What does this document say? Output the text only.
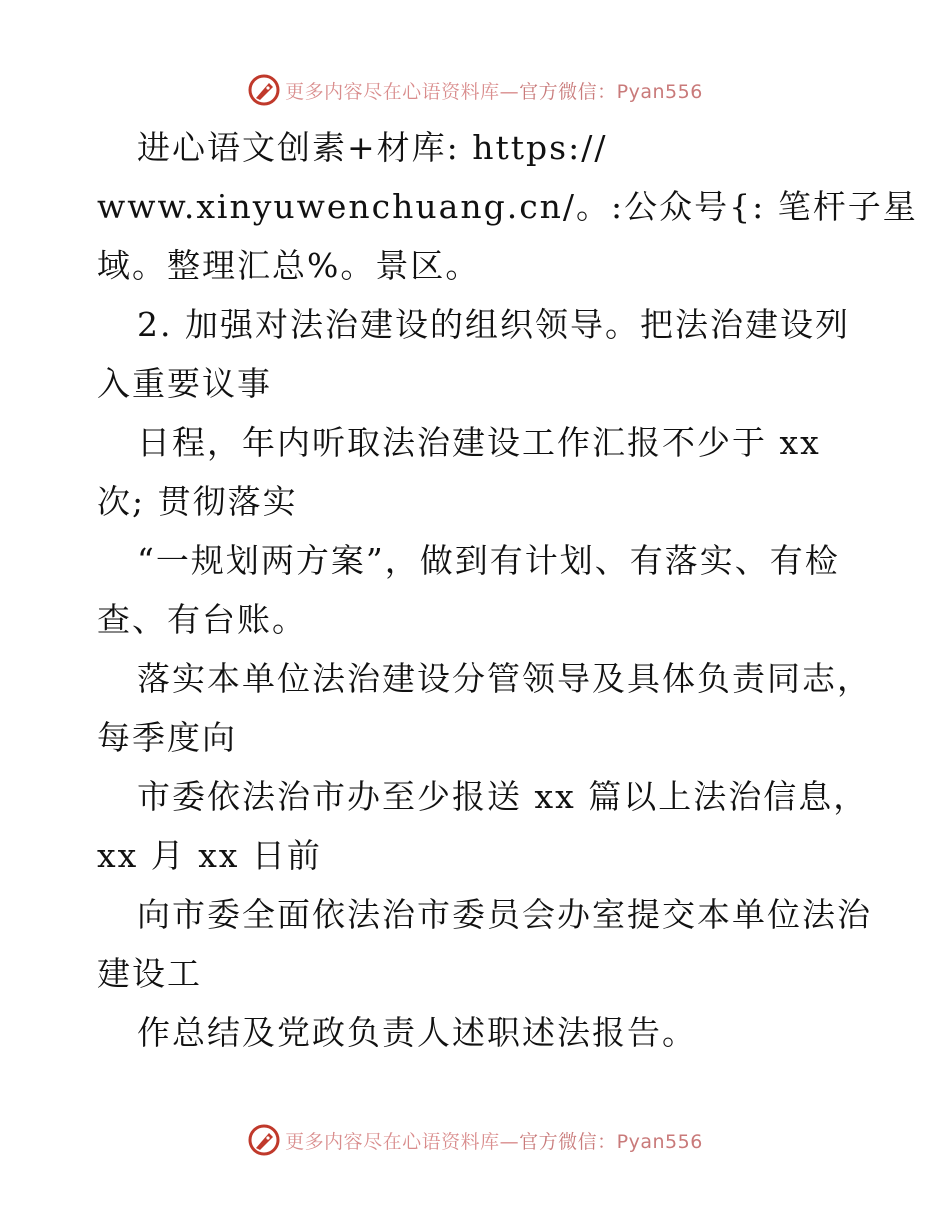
更多内容尽在心语资料库—官方微信：Pyan556
进心语文创素+材库: https://
www.xinyuwenchuang.cn/。:公众号{: 笔杆子星
域。整理汇总%。景区。
2. 加强对法治建设的组织领导。把法治建设列
入重要议事
日程，年内听取法治建设工作汇报不少于 xx
次; 贯彻落实
“一规划两方案”，做到有计划、有落实、有检
查、有台账。
落实本单位法治建设分管领导及具体负责同志，
每季度向
市委依法治市办至少报送 xx 篇以上法治信息，
xx 月 xx 日前
向市委全面依法治市委员会办室提交本单位法治
建设工
作总结及党政负责人述职述法报告。
更多内容尽在心语资料库—官方微信：Pyan556
